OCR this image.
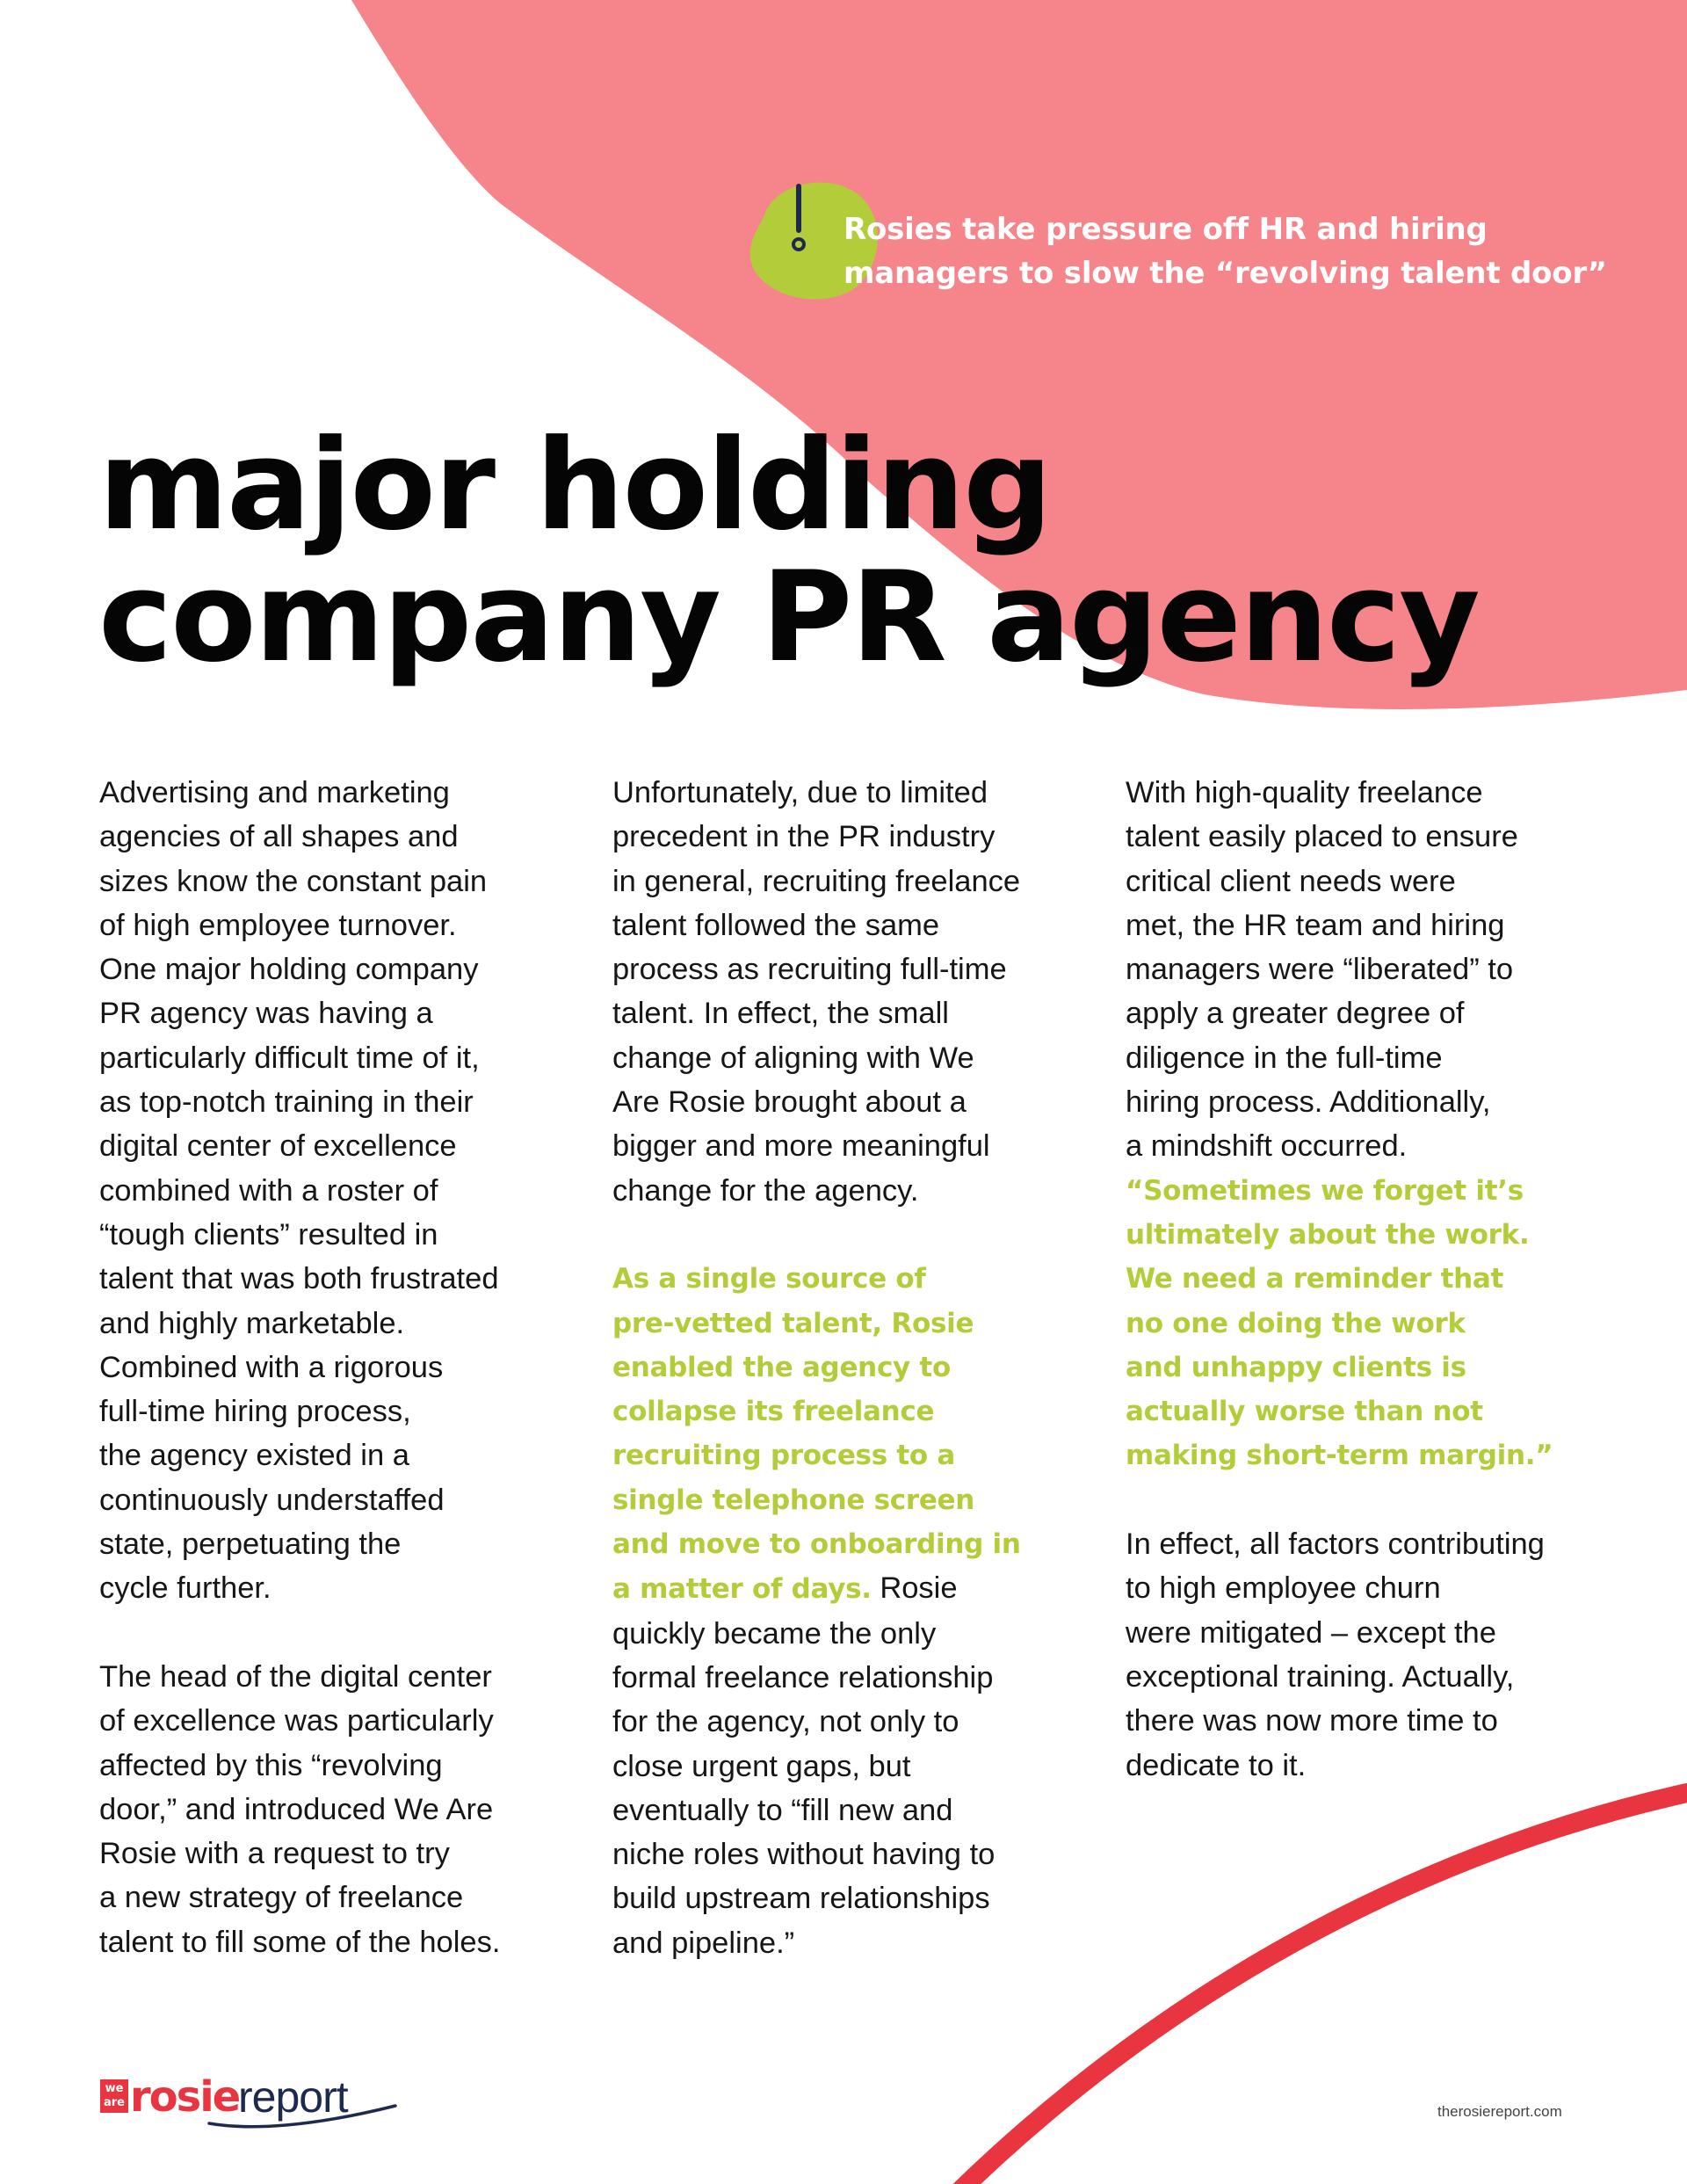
Rosies take pressure off HR and hiring
managers to slow the “revolving talent door”
major holding
company PR agency

Advertising and marketing
agencies of all shapes and
sizes know the constant pain
of high employee turnover.
One major holding company
PR agency was having a
particularly difficult time of it,
as top-notch training in their
digital center of excellence
combined with a roster of
“tough clients” resulted in
talent that was both frustrated
and highly marketable.
Combined with a rigorous
full-time hiring process,
the agency existed in a
continuously understaffed
state, perpetuating the
cycle further.

The head of the digital center
of excellence was particularly
affected by this “revolving
door,” and introduced We Are
Rosie with a request to try
a new strategy of freelance
talent to fill some of the holes.

Unfortunately, due to limited
precedent in the PR industry
in general, recruiting freelance
talent followed the same
process as recruiting full-time
talent. In effect, the small
change of aligning with We
Are Rosie brought about a
bigger and more meaningful
change for the agency.

As a single source of
pre-vetted talent, Rosie
enabled the agency to
collapse its freelance
recruiting process to a
single telephone screen
and move to onboarding in
a matter of days. Rosie
quickly became the only
formal freelance relationship
for the agency, not only to
close urgent gaps, but
eventually to “fill new and
niche roles without having to
build upstream relationships
and pipeline.”

With high-quality freelance
talent easily placed to ensure
critical client needs were
met, the HR team and hiring
managers were “liberated” to
apply a greater degree of
diligence in the full-time
hiring process. Additionally,
a mindshift occurred.
“Sometimes we forget it’s
ultimately about the work.
We need a reminder that
no one doing the work
and unhappy clients is
actually worse than not
making short-term margin.”

In effect, all factors contributing
to high employee churn
were mitigated – except the
exceptional training. Actually,
there was now more time to
dedicate to it.

we
are rosie
report	therosiereport.com
